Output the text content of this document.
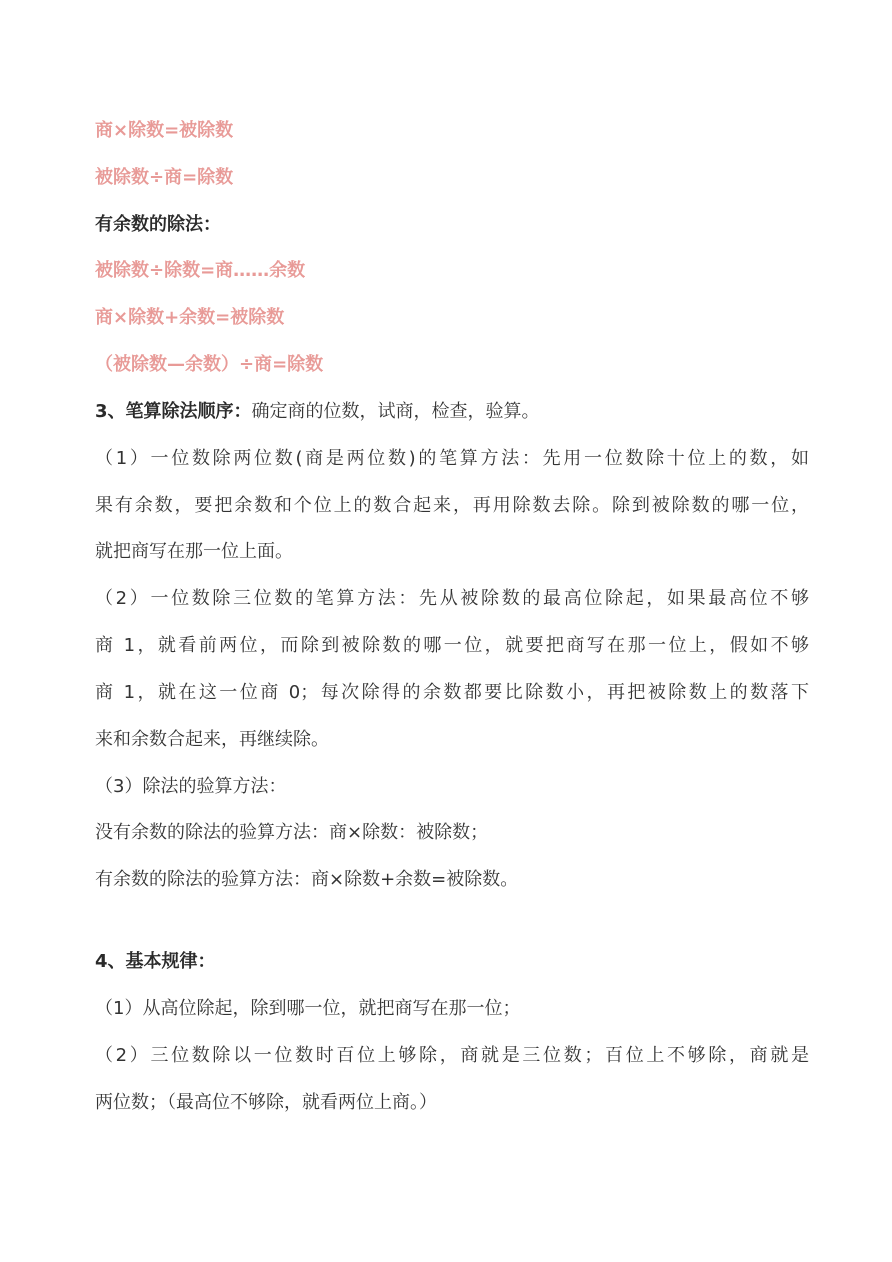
商×除数=被除数
被除数÷商=除数
有余数的除法：
被除数÷除数=商……余数
商×除数+余数=被除数
（被除数—余数）÷商=除数
3、笔算除法顺序：确定商的位数，试商，检查，验算。
（1）一位数除两位数(商是两位数)的笔算方法：先用一位数除十位上的数，如
果有余数，要把余数和个位上的数合起来，再用除数去除。除到被除数的哪一位，
就把商写在那一位上面。
（2）一位数除三位数的笔算方法：先从被除数的最高位除起，如果最高位不够
商 1，就看前两位，而除到被除数的哪一位，就要把商写在那一位上，假如不够
商 1，就在这一位商 0；每次除得的余数都要比除数小，再把被除数上的数落下
来和余数合起来，再继续除。
（3）除法的验算方法：
没有余数的除法的验算方法：商×除数：被除数；
有余数的除法的验算方法：商×除数+余数=被除数。
4、基本规律：
（1）从高位除起，除到哪一位，就把商写在那一位；
（2）三位数除以一位数时百位上够除，商就是三位数；百位上不够除，商就是
两位数；（最高位不够除，就看两位上商。）
